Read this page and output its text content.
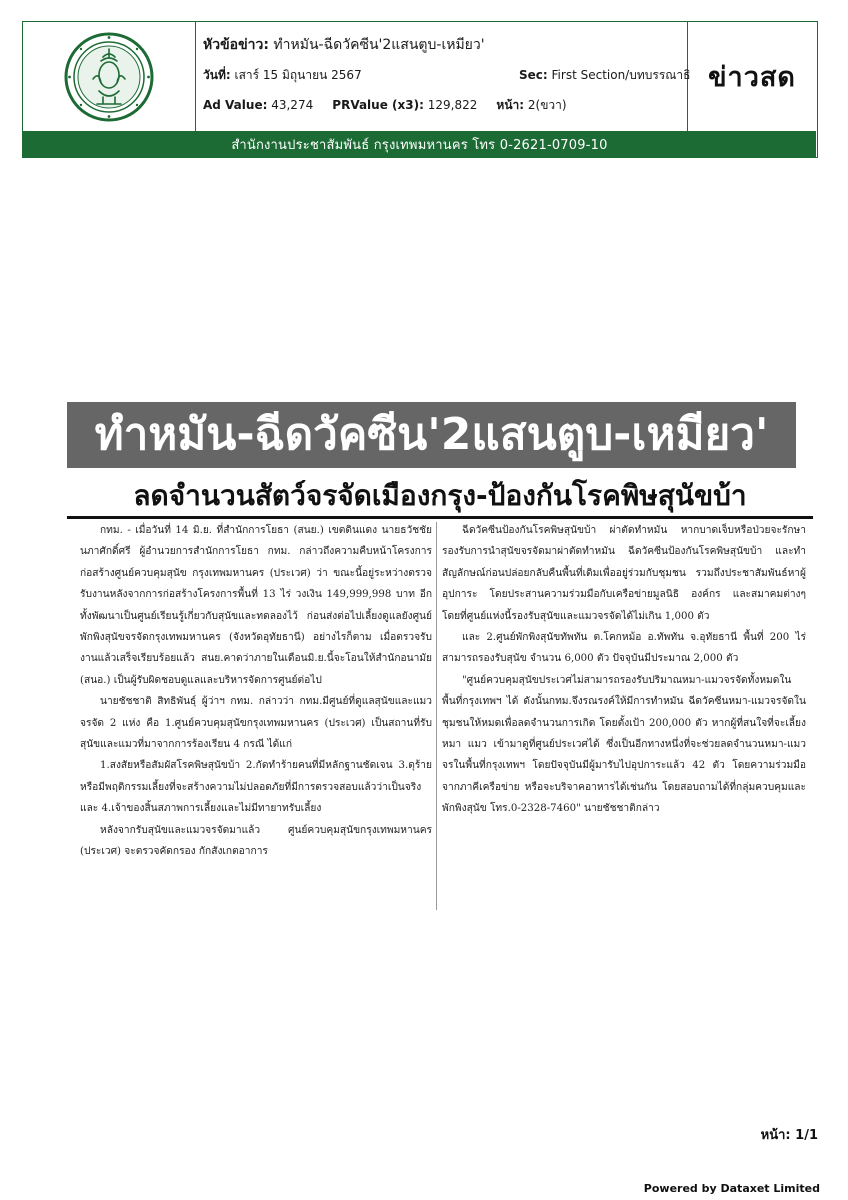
หัวข้อข่าว: ทำหมัน-ฉีดวัคซีน'2แสนตูบ-เหมียว'
วันที่: เสาร์ 15 มิถุนายน 2567	Sec: First Section/บทบรรณาธิ
Ad Value: 43,274 PRValue (x3): 129,822 หน้า: 2(ขวา)
ข่าวสด
สำนักงานประชาสัมพันธ์ กรุงเทพมหานคร โทร 0-2621-0709-10
ทำหมัน-ฉีดวัคซีน'2แสนตูบ-เหมียว'
ลดจำนวนสัตว์จรจัดเมืองกรุง-ป้องกันโรคพิษสุนัขบ้า

กทม. - เมื่อวันที่ 14 มิ.ย. ที่สำนักการโยธา (สนย.) เขตดินแดง นายธวัชชัย นภาศักดิ์ศรี ผู้อำนวยการสำนักการโยธา กทม. กล่าวถึงความคืบหน้าโครงการก่อสร้างศูนย์ควบคุมสุนัข กรุงเทพมหานคร (ประเวศ) ว่า ขณะนี้อยู่ระหว่างตรวจรับงานหลังจากการก่อสร้างโครงการพื้นที่ 13 ไร่ วงเงิน 149,999,998 บาท อีกทั้งพัฒนาเป็นศูนย์เรียนรู้เกี่ยวกับสุนัขและทดลองไว้ ก่อนส่งต่อไปเลี้ยงดูแลยังศูนย์พักพิงสุนัขจรจัดกรุงเทพมหานคร (จังหวัดอุทัยธานี) อย่างไรก็ตาม เมื่อตรวจรับงานแล้วเสร็จเรียบร้อยแล้ว สนย.คาดว่าภายในเดือนมิ.ย.นี้จะโอนให้สำนักอนามัย (สนอ.) เป็นผู้รับผิดชอบดูแลและบริหารจัดการศูนย์ต่อไป

นายชัชชาติ สิทธิพันธุ์ ผู้ว่าฯ กทม. กล่าวว่า กทม.มีศูนย์ที่ดูแลสุนัขและแมวจรจัด 2 แห่ง คือ 1.ศูนย์ควบคุมสุนัขกรุงเทพมหานคร (ประเวศ) เป็นสถานที่รับสุนัขและแมวที่มาจากการร้องเรียน 4 กรณี ได้แก่

1.สงสัยหรือสัมผัสโรคพิษสุนัขบ้า 2.กัดทำร้ายคนที่มีหลักฐานชัดเจน 3.ดุร้ายหรือมีพฤติกรรมเลี้ยงที่จะสร้างความไม่ปลอดภัยที่มีการตรวจสอบแล้วว่าเป็นจริง และ 4.เจ้าของสิ้นสภาพการเลี้ยงและไม่มีทายาทรับเลี้ยง

หลังจากรับสุนัขและแมวจรจัดมาแล้ว ศูนย์ควบคุมสุนัขกรุงเทพมหานคร (ประเวศ) จะตรวจคัดกรอง กักสังเกตอาการ

ฉีดวัคซีนป้องกันโรคพิษสุนัขบ้า ผ่าตัดทำหมัน หากบาดเจ็บหรือป่วยจะรักษา รองรับการนำสุนัขจรจัดมาผ่าตัดทำหมัน ฉีดวัคซีนป้องกันโรคพิษสุนัขบ้า และทำสัญลักษณ์ก่อนปล่อยกลับคืนพื้นที่เดิมเพื่ออยู่ร่วมกับชุมชน รวมถึงประชาสัมพันธ์หาผู้อุปการะ โดยประสานความร่วมมือกับเครือข่ายมูลนิธิ องค์กร และสมาคมต่างๆ โดยที่ศูนย์แห่งนี้รองรับสุนัขและแมวจรจัดได้ไม่เกิน 1,000 ตัว

และ 2.ศูนย์พักพิงสุนัขทัพทัน ต.โคกหม้อ อ.ทัพทัน จ.อุทัยธานี พื้นที่ 200 ไร่ สามารถรองรับสุนัข จำนวน 6,000 ตัว ปัจจุบันมีประมาณ 2,000 ตัว

"ศูนย์ควบคุมสุนัขประเวศไม่สามารถรองรับปริมาณหมา-แมวจรจัดทั้งหมดในพื้นที่กรุงเทพฯ ได้ ดังนั้นกทม.จึงรณรงค์ให้มีการทำหมัน ฉีดวัคซีนหมา-แมวจรจัดในชุมชนให้หมดเพื่อลดจำนวนการเกิด โดยตั้งเป้า 200,000 ตัว หากผู้ที่สนใจที่จะเลี้ยงหมา แมว เข้ามาดูที่ศูนย์ประเวศได้ ซึ่งเป็นอีกทางหนึ่งที่จะช่วยลดจำนวนหมา-แมวจรในพื้นที่กรุงเทพฯ โดยปัจจุบันมีผู้มารับไปอุปการะแล้ว 42 ตัว โดยความร่วมมือจากภาคีเครือข่าย หรือจะบริจาคอาหารได้เช่นกัน โดยสอบถามได้ที่กลุ่มควบคุมและพักพิงสุนัข โทร.0-2328-7460" นายชัชชาติกล่าว

หน้า: 1/1
Powered by Dataxet Limited
